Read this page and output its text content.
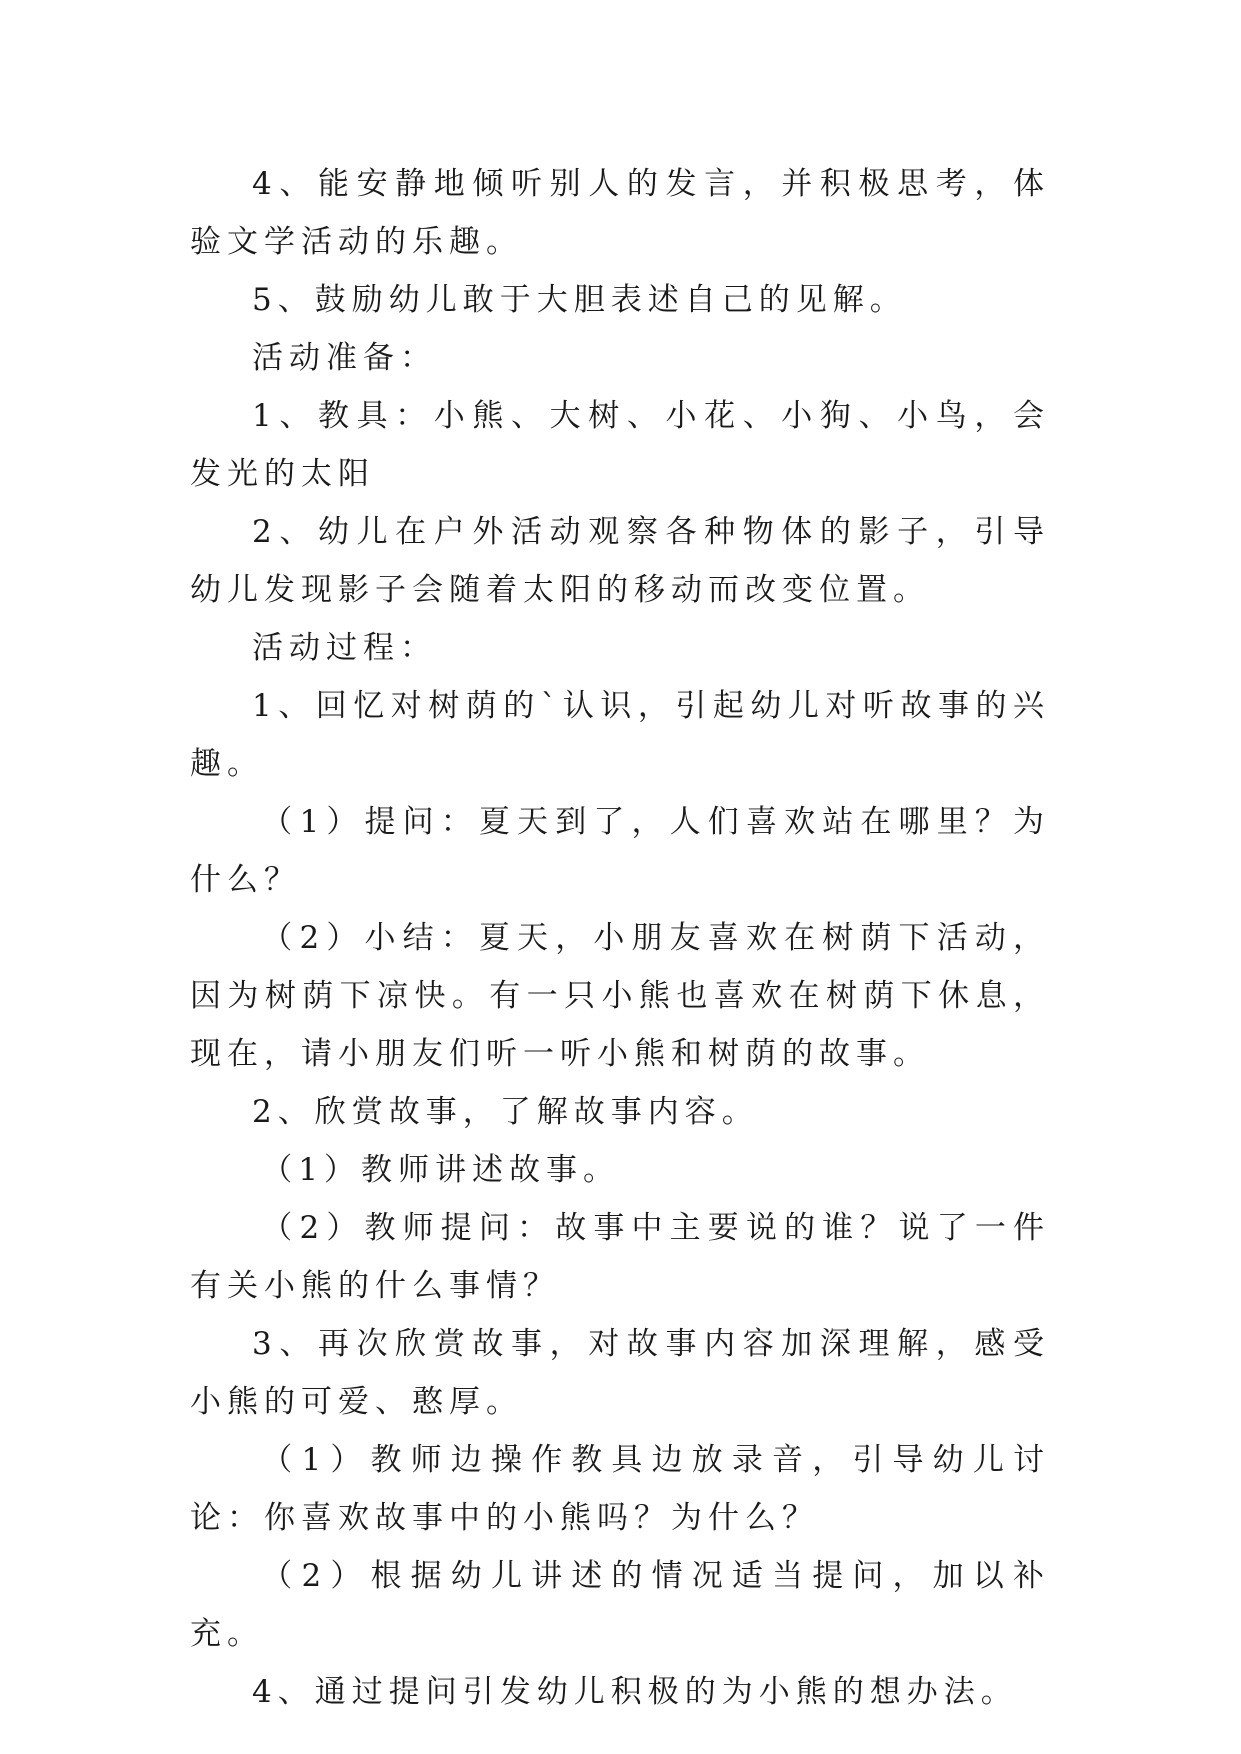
4、能安静地倾听别人的发言，并积极思考，体验文学活动的乐趣。

5、鼓励幼儿敢于大胆表述自己的见解。

活动准备：

1、教具：小熊、大树、小花、小狗、小鸟，会发光的太阳

2、幼儿在户外活动观察各种物体的影子，引导幼儿发现影子会随着太阳的移动而改变位置。

活动过程：

1、回忆对树荫的`认识，引起幼儿对听故事的兴趣。

（1）提问：夏天到了，人们喜欢站在哪里？为什么？

（2）小结：夏天，小朋友喜欢在树荫下活动，因为树荫下凉快。有一只小熊也喜欢在树荫下休息，现在，请小朋友们听一听小熊和树荫的故事。

2、欣赏故事，了解故事内容。

（1）教师讲述故事。

（2）教师提问：故事中主要说的谁？说了一件有关小熊的什么事情？

3、再次欣赏故事，对故事内容加深理解，感受小熊的可爱、憨厚。

（1）教师边操作教具边放录音，引导幼儿讨论：你喜欢故事中的小熊吗？为什么？

（2）根据幼儿讲述的情况适当提问，加以补充。

4、通过提问引发幼儿积极的为小熊的想办法。
